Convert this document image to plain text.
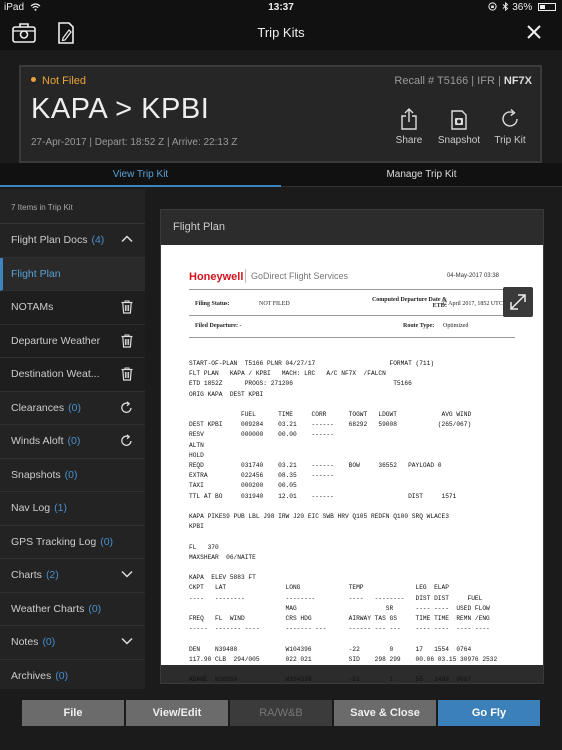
iPad	13:37	36%
Trip Kits
Not Filed	Recall # T5166 | IFR | NF7X
KAPA > KPBI
27-Apr-2017 | Depart: 18:52 Z | Arrive: 22:13 Z	Share	Snapshot	Trip Kit
View Trip Kit	Manage Trip Kit
7 Items in Trip Kit
Flight Plan Docs (4)
Flight Plan
NOTAMs
Departure Weather
Destination Weat...
Clearances (0)
Winds Aloft (0)
Snapshots (0)
Nav Log (1)
GPS Tracking Log (0)
Charts (2)
Weather Charts (0)
Notes (0)
Archives (0)
Flight Plan
Honeywell GoDirect Flight Services	04-May-2017 03:38
Filing Status:	NOT FILED
Computed Departure Date & ETD:
27 April 2017, 1852 UTC
Filed Departure: -	Route Type: Optimized
START-OF-PLAN  T5166 PLNR 04/27/17                    FORMAT (711)
FLT PLAN   KAPA / KPBI   MACH: LRC   A/C NF7X  /FALCN
ETD 1852Z      PROGS: 271206                           T5166
ORIG KAPA  DEST KPBI

FUEL      TIME     CORR      TOGWT   LDGWT            AVG WIND
DEST KPBI     009284    03.21    ------    68292   59008           (265/067)
RESV          000000    00.00    ------
ALTN
HOLD
REQD          031740    03.21    ------    BOW     36552   PAYLOAD 0
EXTRA         022456    08.35    ------
TAXI          000200    00.05
TTL AT BO     031940    12.01    ------                    DIST     1571

KAPA PIKES9 PUB LBL J98 IRW J20 EIC SWB HRV Q105 REDFN Q100 SRQ WLACE3
KPBI

FL   370
MAXSHEAR  06/NAITE

KAPA  ELEV 5883 FT
CKPT   LAT                LONG             TEMP              LEG  ELAP
----   --------           --------         ----   --------   DIST DIST     FUEL
MAG                        SR      ---- ----  USED FLOW
FREQ   FL  WIND           CRS HDG          AIRWAY TAS GS     TIME TIME  REMN /ENG
-----  ------- ----       ------- ---      ------ --- ---    ---- ----  ---- ----

DEN    N39488             W104396          -22        0      17   1554  0764
117.90 CLB  294/005       022 021          SID    298 299    00.06 03.15 30976 2532

ADANE  N38550             W104338          -51        1      55   1499  0687
File	View/Edit	RA/W&B	Save & Close	Go Fly
